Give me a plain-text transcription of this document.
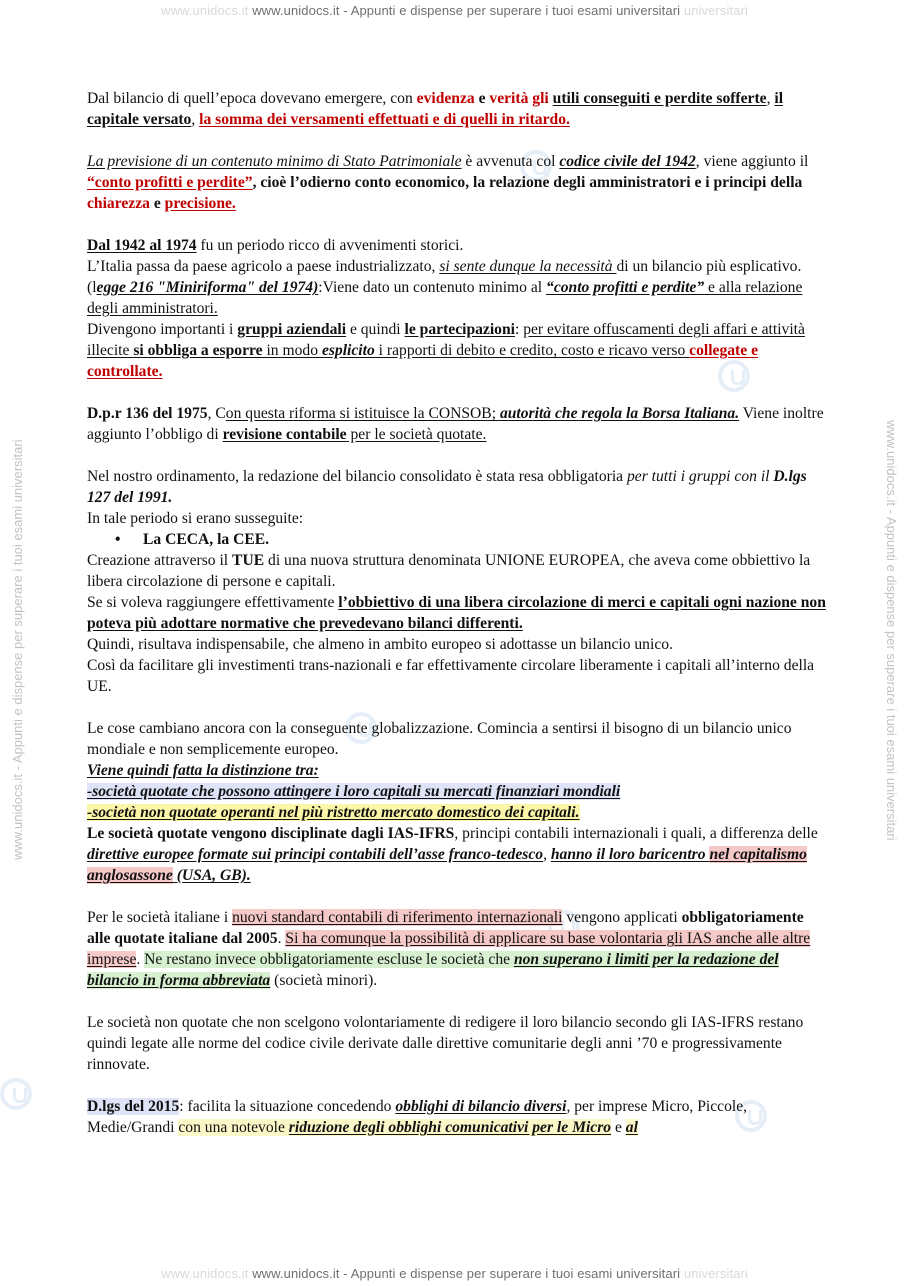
www.unidocs.it www.unidocs.it - Appunti e dispense per superare i tuoi esami universitari universitari
www.unidocs.it - Appunti e dispense per superare i tuoi esami universitari	www.unidocs.it - Appunti e dispense per superare i tuoi esami universitari

Dal bilancio di quell’epoca dovevano emergere, con evidenza e verità gli utili conseguiti e perdite sofferte, il capitale versato, la somma dei versamenti effettuati e di quelli in ritardo.

La previsione di un contenuto minimo di Stato Patrimoniale è avvenuta col codice civile del 1942, viene aggiunto il “conto profitti e perdite”, cioè l’odierno conto economico, la relazione degli amministratori e i principi della chiarezza e precisione.

Dal 1942 al 1974 fu un periodo ricco di avvenimenti storici.
L’Italia passa da paese agricolo a paese industrializzato, si sente dunque la necessità di un bilancio più esplicativo.
(legge 216 "Miniriforma" del 1974):Viene dato un contenuto minimo al “conto profitti e perdite” e alla relazione degli amministratori.
Divengono importanti i gruppi aziendali e quindi le partecipazioni: per evitare offuscamenti degli affari e attività illecite si obbliga a esporre in modo esplicito i rapporti di debito e credito, costo e ricavo verso collegate e controllate.

D.p.r 136 del 1975, Con questa riforma si istituisce la CONSOB; autorità che regola la Borsa Italiana. Viene inoltre aggiunto l’obbligo di revisione contabile per le società quotate.

Nel nostro ordinamento, la redazione del bilancio consolidato è stata resa obbligatoria per tutti i gruppi con il D.lgs 127 del 1991.
In tale periodo si erano susseguite:

• La CECA, la CEE.

Creazione attraverso il TUE di una nuova struttura denominata UNIONE EUROPEA, che aveva come obbiettivo la libera circolazione di persone e capitali.
Se si voleva raggiungere effettivamente l’obbiettivo di una libera circolazione di merci e capitali ogni nazione non poteva più adottare normative che prevedevano bilanci differenti.
Quindi, risultava indispensabile, che almeno in ambito europeo si adottasse un bilancio unico.
Così da facilitare gli investimenti trans-nazionali e far effettivamente circolare liberamente i capitali all’interno della UE.

Le cose cambiano ancora con la conseguente globalizzazione. Comincia a sentirsi il bisogno di un bilancio unico mondiale e non semplicemente europeo.
Viene quindi fatta la distinzione tra:
-società quotate che possono attingere i loro capitali su mercati finanziari mondiali
-società non quotate operanti nel più ristretto mercato domestico dei capitali.
Le società quotate vengono disciplinate dagli IAS-IFRS, principi contabili internazionali i quali, a differenza delle direttive europee formate sui principi contabili dell’asse franco-tedesco, hanno il loro baricentro nel capitalismo anglosassone (USA, GB).

Per le società italiane i nuovi standard contabili di riferimento internazionali vengono applicati obbligatoriamente alle quotate italiane dal 2005. Si ha comunque la possibilità di applicare su base volontaria gli IAS anche alle altre imprese. Ne restano invece obbligatoriamente escluse le società che non superano i limiti per la redazione del bilancio in forma abbreviata (società minori).

Le società non quotate che non scelgono volontariamente di redigere il loro bilancio secondo gli IAS-IFRS restano quindi legate alle norme del codice civile derivate dalle direttive comunitarie degli anni ’70 e progressivamente rinnovate.

D.lgs del 2015: facilita la situazione concedendo obblighi di bilancio diversi, per imprese Micro, Piccole, Medie/Grandi con una notevole riduzione degli obblighi comunicativi per le Micro e al

www.unidocs.it www.unidocs.it - Appunti e dispense per superare i tuoi esami universitari universitari
